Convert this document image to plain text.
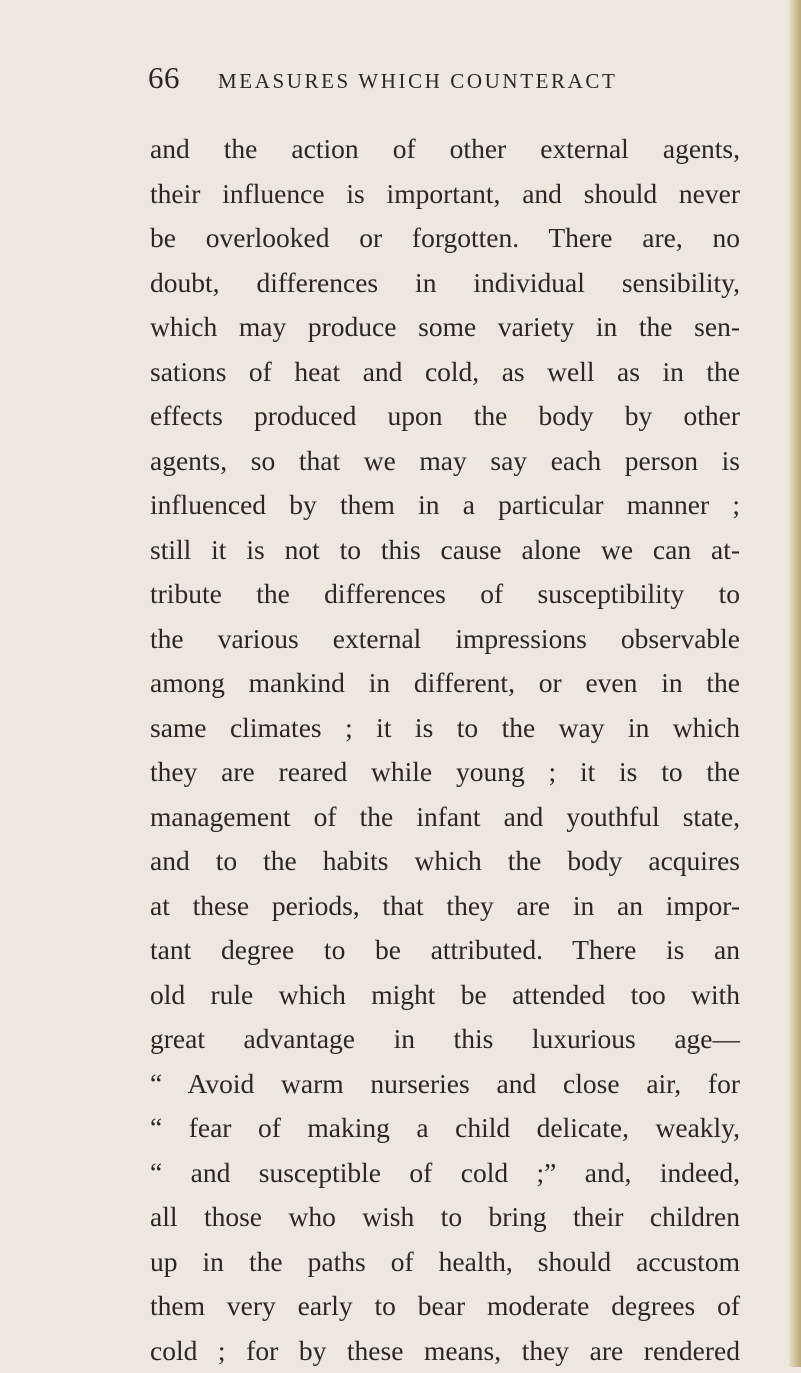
66	MEASURES WHICH COUNTERACT
and the action of other external agents,
their influence is important, and should never
be overlooked or forgotten. There are, no
doubt, differences in individual sensibility,
which may produce some variety in the sen-
sations of heat and cold, as well as in the
effects produced upon the body by other
agents, so that we may say each person is
influenced by them in a particular manner ;
still it is not to this cause alone we can at-
tribute the differences of susceptibility to
the various external impressions observable
among mankind in different, or even in the
same climates ; it is to the way in which
they are reared while young ; it is to the
management of the infant and youthful state,
and to the habits which the body acquires
at these periods, that they are in an impor-
tant degree to be attributed. There is an
old rule which might be attended too with
great advantage in this luxurious age—
“ Avoid warm nurseries and close air, for
“ fear of making a child delicate, weakly,
“ and susceptible of cold ;” and, indeed,
all those who wish to bring their children
up in the paths of health, should accustom
them very early to bear moderate degrees of
cold ; for by these means, they are rendered
